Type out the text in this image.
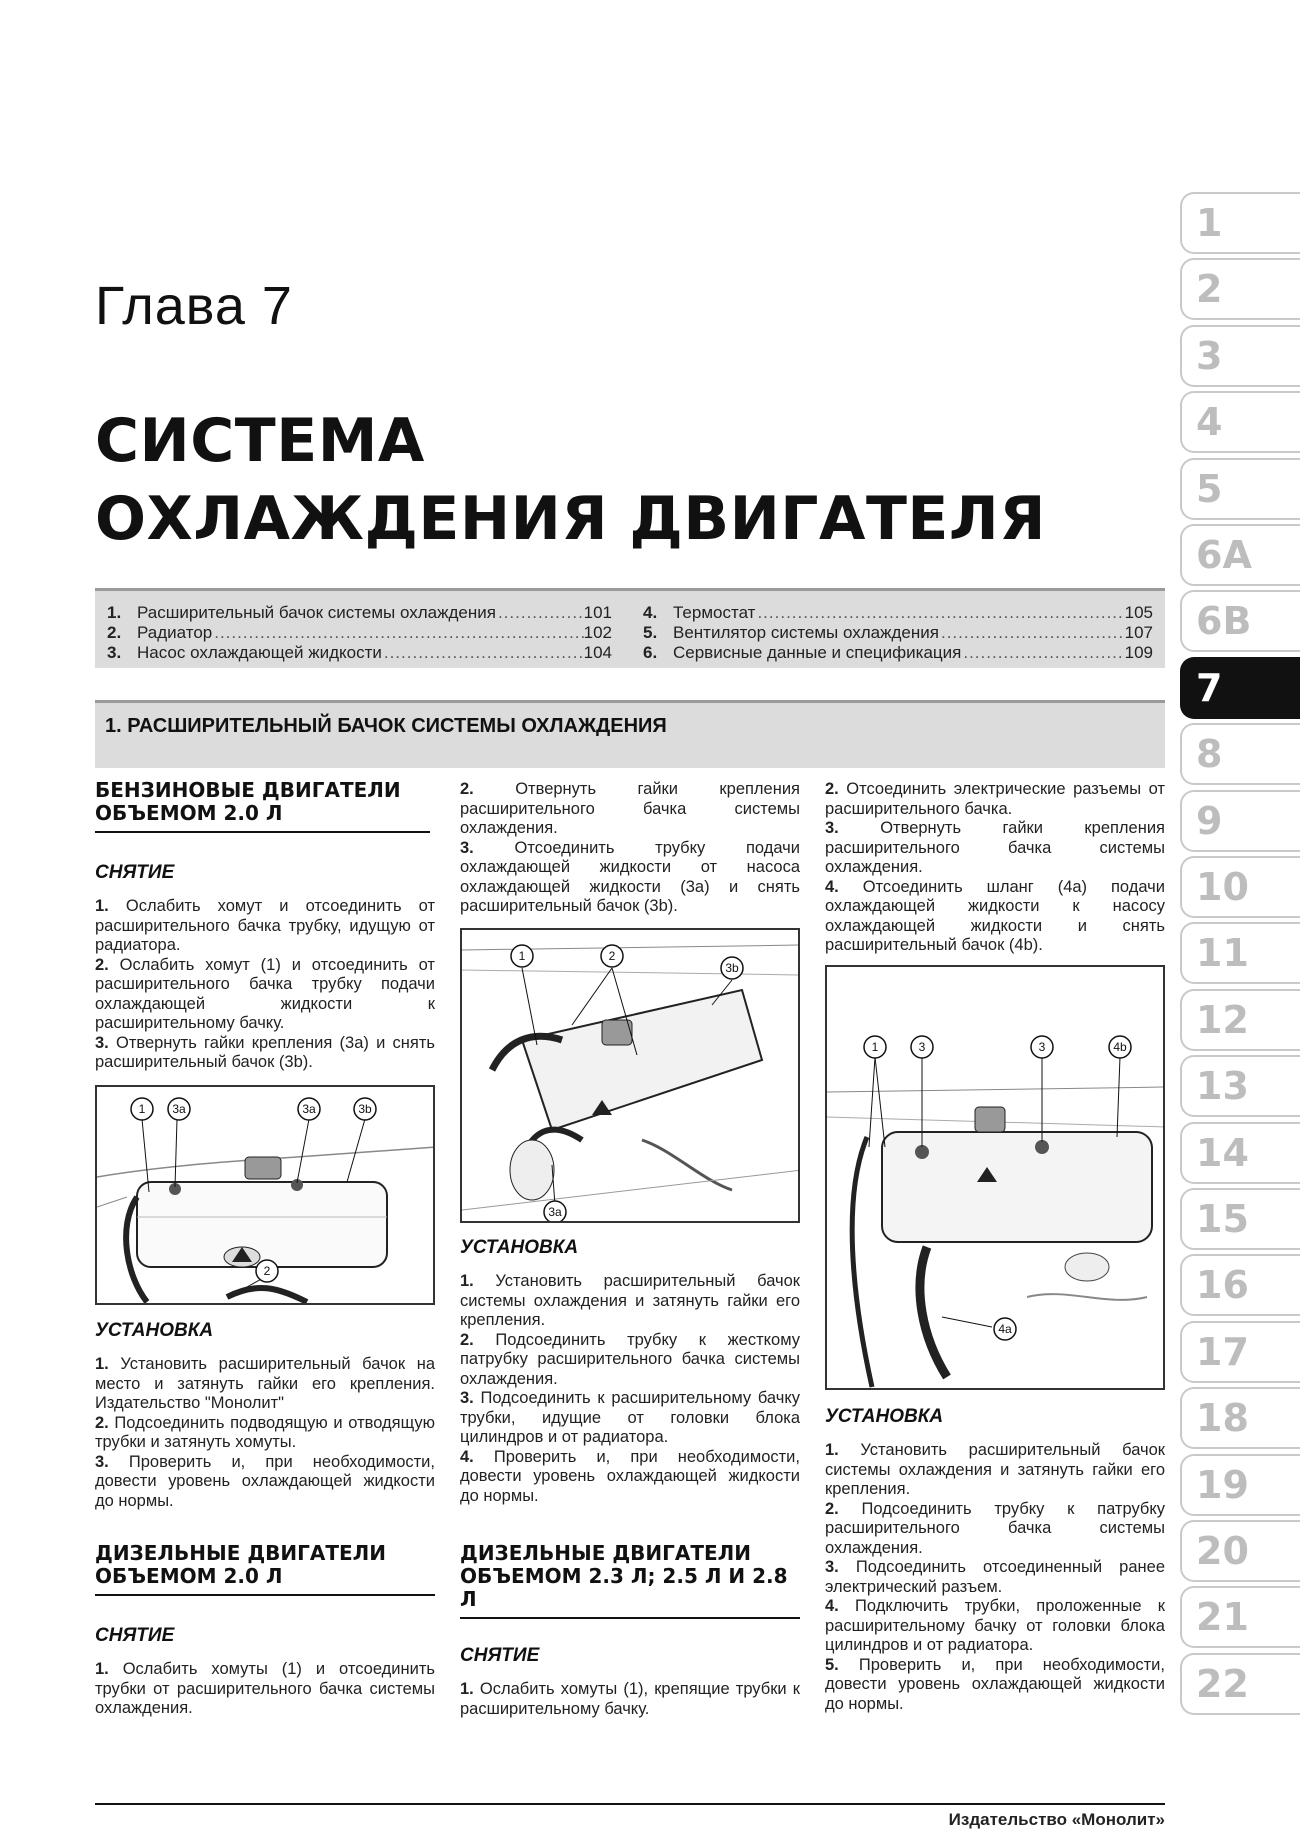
Глава 7
СИСТЕМА
ОХЛАЖДЕНИЯ ДВИГАТЕЛЯ
1
2
3
4
5
6А
6B
7
8
9
10
11
12
13
14
15
16
17
18
19
20
21
22
1. Расширительный бачок системы охлаждения .....	101
2. Радиатор .....	102
3. Насос охлаждающей жидкости .....	104
4. Термостат .....	105
5. Вентилятор системы охлаждения .....	107
6. Сервисные данные и спецификация .....	109
1. РАСШИРИТЕЛЬНЫЙ БАЧОК СИСТЕМЫ ОХЛАЖДЕНИЯ
БЕНЗИНОВЫЕ ДВИГАТЕЛИ ОБЪЕМОМ 2.0 Л
СНЯТИЕ

1. Ослабить хомут и отсоединить от расширительного бачка трубку, идущую от радиатора.

2. Ослабить хомут (1) и отсоединить от расширительного бачка трубку подачи охлаждающей жидкости к расширительному бачку.

3. Отвернуть гайки крепления (3a) и снять расширительный бачок (3b).

1 3a	3a	3b
2
УСТАНОВКА

1. Установить расширительный бачок на место и затянуть гайки его крепления. Издательство "Монолит"

2. Подсоединить подводящую и отводящую трубки и затянуть хомуты.

3. Проверить и, при необходимости, довести уровень охлаждающей жидкости до нормы.

ДИЗЕЛЬНЫЕ ДВИГАТЕЛИ ОБЪЕМОМ 2.0 Л
СНЯТИЕ

1. Ослабить хомуты (1) и отсоединить трубки от расширительного бачка системы охлаждения.

2.	Отвернуть гайки крепления расширительного бачка системы охлаждения.

3. Отсоединить трубку подачи охлаждающей жидкости от насоса охлаждающей жидкости (3a) и снять расширительный бачок (3b).

1	2
3b
3a
УСТАНОВКА

1. Установить расширительный бачок системы охлаждения и затянуть гайки его крепления.

2. Подсоединить трубку к жесткому патрубку расширительного бачка системы охлаждения.

3. Подсоединить к расширительному бачку трубки, идущие от головки блока цилиндров и от радиатора.

4. Проверить и, при необходимости, довести уровень охлаждающей жидкости до нормы.

ДИЗЕЛЬНЫЕ ДВИГАТЕЛИ ОБЪЕМОМ 2.3 Л; 2.5 Л И 2.8 Л
СНЯТИЕ

1. Ослабить хомуты (1), крепящие трубки к расширительному бачку.

2. Отсоединить электрические разъемы от расширительного бачка.

3.	Отвернуть гайки крепления расширительного бачка системы охлаждения.

4. Отсоединить шланг (4a) подачи охлаждающей жидкости к насосу охлаждающей жидкости и снять расширительный бачок (4b).

1	3	3	4b
4a
УСТАНОВКА

1. Установить расширительный бачок системы охлаждения и затянуть гайки его крепления.

2. Подсоединить трубку к патрубку расширительного бачка системы охлаждения.

3. Подсоединить отсоединенный ранее электрический разъем.

4. Подключить трубки, проложенные к расширительному бачку от головки блока цилиндров и от радиатора.

5. Проверить и, при необходимости, довести уровень охлаждающей жидкости до нормы.

Издательство «Монолит»
